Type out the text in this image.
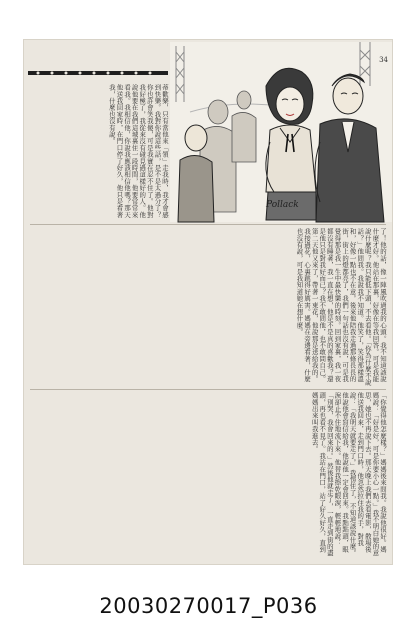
34
Pollack
蒂歡樂，只有當他來「領」走我時，我才會感到快樂。我對你說這些話，是不是太過分了？你也許會笑我傻，可是我實在忍不住了。他對我好極了，我從來沒有碰見過這樣好的人。他說他要在我們這城裏住一段時間，他要常常來看我。我相信他，你說我應該相信他嗎？那天他送我回家時，在門口停了好久，他只是看著我，什麼也沒有說。
了！他的話，像一陣風吹過我的心頭。我不知道該說什麼才好。他站在那裏，好像在等我回答。可是我能說什麼呢？我只能低下頭，不去看他。「你為什麼不說話？」他問我。我說我不知道。他笑了，笑得那樣溫和，好像一點也不在意。後來他陪我走過那條長長的街，街上的燈都亮了，我們一句話也沒有說，可是我覺得那是我一生中最快樂的時刻。回到家裏，我一夜都沒有睡著，我一直在想，他是不是真的喜歡我？還是他只是對我好而已？我不敢問他，也不敢問自己。第二天他又來了，帶著一束花，他說那是送給我的。我接過花，心裏跳得好厲害。媽媽在旁邊看著，什麼也沒有說，可是我知道她在想什麼。
「你覺得他怎麼樣？」媽媽後來問我。我說他很好。媽媽說：「好是好，可是你要小心一點。」我不明白她的意思，她也不再說下去。那天晚上我們去看電影，散場後他送我回來，走到門口時，他忽然拉住我的手，對我說：「我明天就要走了。」我愣住了，不知道該說什麼。他說他會寫信給我，他說他一定會回來。我點點頭，眼淚卻止不住地流下來。他替我擦乾眼淚，輕輕地說：「別哭，我會回來的。」然後他就走了，一直走到街的盡頭，再也看不見了。我站在門口，站了好久好久，直到媽媽出來叫我進去。
20030270017_P036
